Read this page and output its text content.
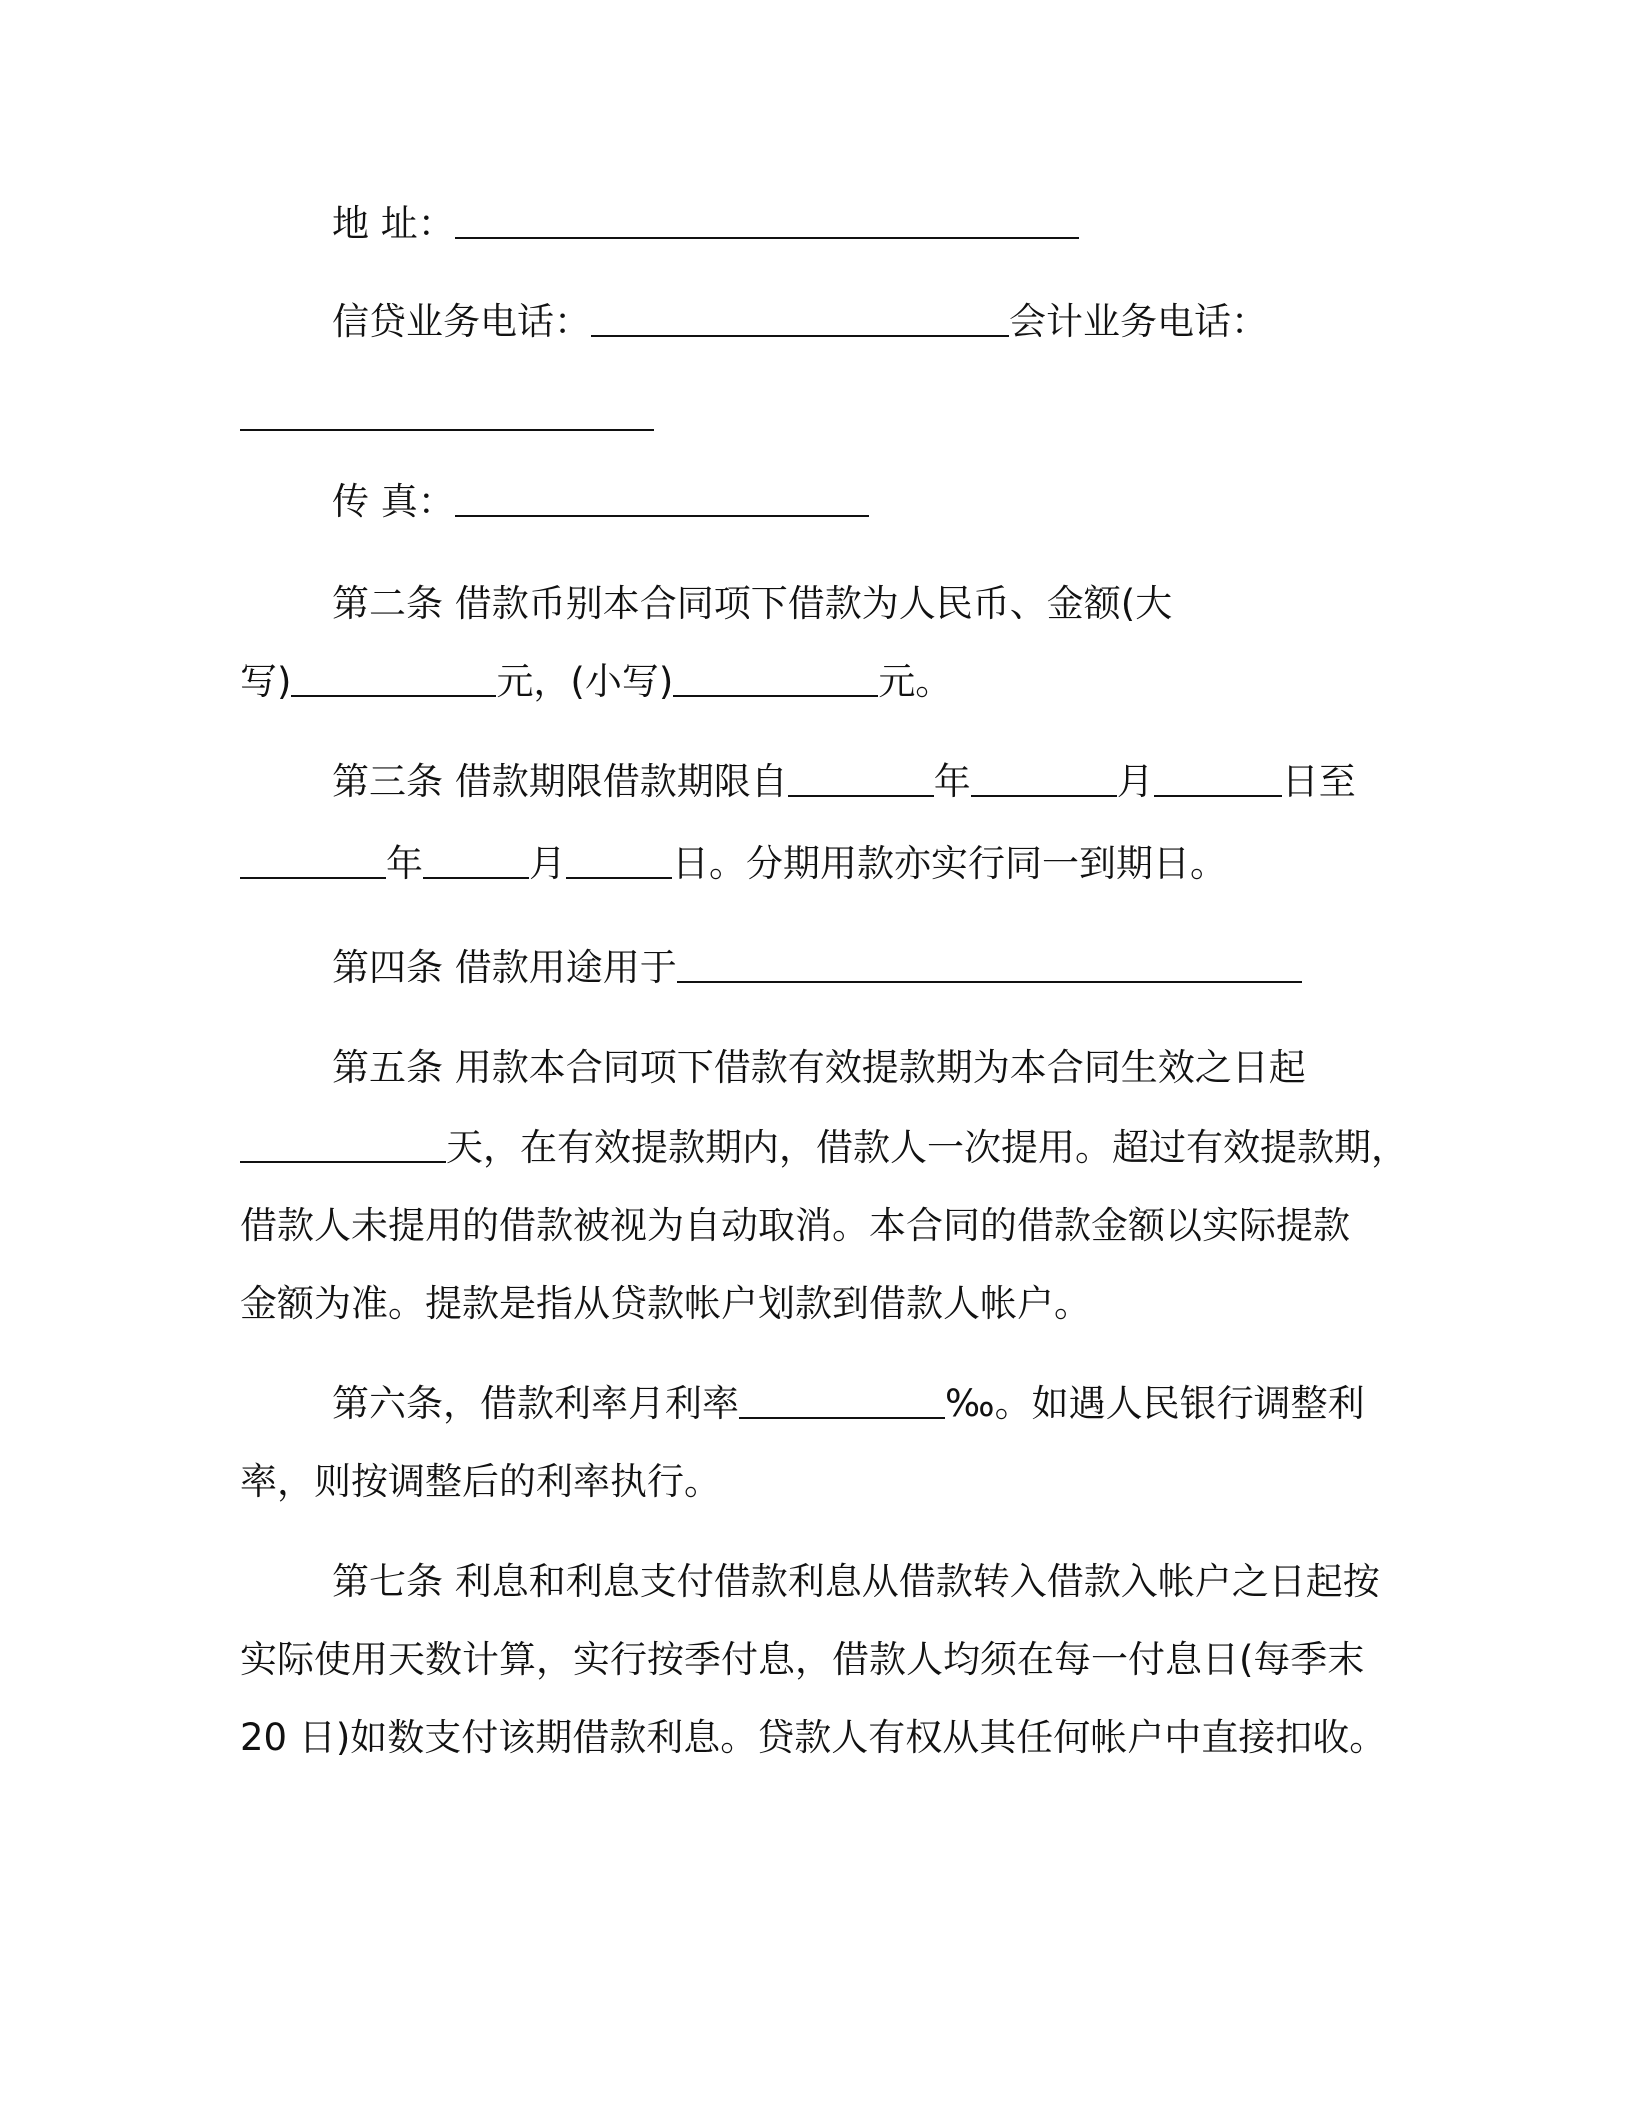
地 址：
信贷业务电话：	会计业务电话：
传 真：
第二条 借款币别本合同项下借款为人民币、金额(大
写)	元，(小写)	元。
第三条 借款期限借款期限自	年	月	日至
年	月	日。分期用款亦实行同一到期日。
第四条 借款用途用于
第五条 用款本合同项下借款有效提款期为本合同生效之日起
天，在有效提款期内，借款人一次提用。超过有效提款期，
借款人未提用的借款被视为自动取消。本合同的借款金额以实际提款
金额为准。提款是指从贷款帐户划款到借款人帐户。
第六条，借款利率月利率	‰。如遇人民银行调整利
率，则按调整后的利率执行。
第七条 利息和利息支付借款利息从借款转入借款入帐户之日起按
实际使用天数计算，实行按季付息，借款人均须在每一付息日(每季末
20 日)如数支付该期借款利息。贷款人有权从其任何帐户中直接扣收。
